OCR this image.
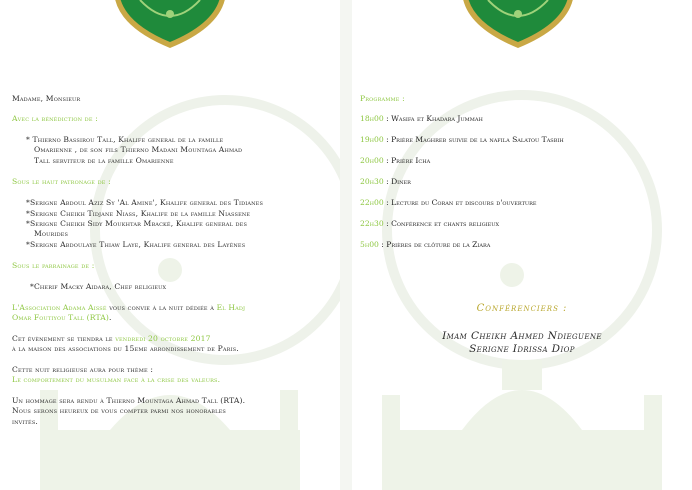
Madame, Monsieur
Avec la bénédiction de :
* Thierno Bassirou Tall, Khalife general de la famille
Omarienne , de son fils Thierno Madani Mountaga Ahmad
Tall serviteur de la famille Omarienne
Sous le haut patronage de :
*Serigne Abdoul Aziz Sy 'Al Amine', Khalife general des Tidianes
*Serigne Cheikh Tidjane Niass, Khalife de la famille Niassene
*Serigne Cheikh Sidy Moukhtar Mbacké, Khalife general des
Mourides
*Serigne Abdoulaye Thiaw Laye, Khalife general des Layènes
Sous le parrainage de :
*Cherif Macky Aidara, Chef religieux
L'Association Adama Aissé vous convie à la nuit dédiée à El Hadj
Omar Foutiyou Tall (RTA).
Cet évènement se tiendra le vendredi 20 octobre 2017
à la maison des associations du 15eme arrondissement de Paris.
Cette nuit religieuse aura pour thème :
Le comportement du musulman face à la crise des valeurs.
Un hommage sera rendu à Thierno Mountaga Ahmad Tall (RTA).
Nous serons heureux de vous compter parmi nos honorables
invités.
Programme :
18h00 : Wasifa et Khadara Jummah
19h00 : Prière Maghreb suivie de la nafila Salatou Tasbih
20h00 : Prière Icha
20h30 : Diner
22h00 : Lecture du Coran et discours d'ouverture
22h30 : Conférence et chants religieux
5h00 : Prières de clôture de la Ziara
Conférenciers :
Imam Cheikh Ahmed Ndieguene
Serigne Idrissa Diop
